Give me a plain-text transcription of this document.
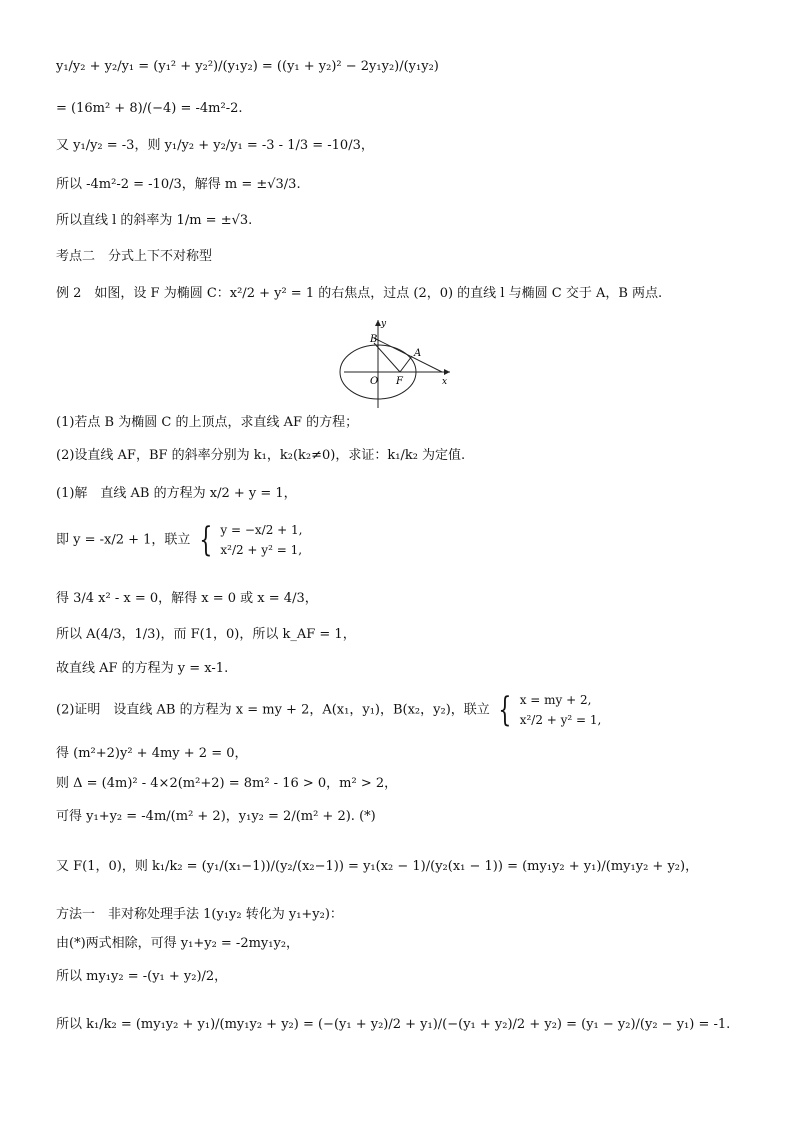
y₁/y₂ + y₂/y₁ = (y₁² + y₂²)/(y₁y₂) = ((y₁ + y₂)² − 2y₁y₂)/(y₁y₂)
= (16m² + 8)/(−4) = -4m²-2.
又 y₁/y₂ = -3，则 y₁/y₂ + y₂/y₁ = -3 - 1/3 = -10/3，
所以 -4m²-2 = -10/3，解得 m = ±√3/3.
所以直线 l 的斜率为 1/m = ±√3.
考点二　分式上下不对称型
例 2　如图，设 F 为椭圆 C：x²/2 + y² = 1 的右焦点，过点 (2，0) 的直线 l 与椭圆 C 交于 A，B 两点.
y
x
B
A
O F
(1)若点 B 为椭圆 C 的上顶点，求直线 AF 的方程；
(2)设直线 AF，BF 的斜率分别为 k₁，k₂(k₂≠0)，求证：k₁/k₂ 为定值.
(1)解　直线 AB 的方程为 x/2 + y = 1，
即 y = -x/2 + 1，联立 { y = −x/2 + 1,
x²/2 + y² = 1,
得 3/4 x² - x = 0，解得 x = 0 或 x = 4/3，
所以 A(4/3，1/3)，而 F(1，0)，所以 k_AF = 1，
故直线 AF 的方程为 y = x-1.
(2)证明　设直线 AB 的方程为 x = my + 2，A(x₁，y₁)，B(x₂，y₂)，联立 { x = my + 2,
x²/2 + y² = 1,
得 (m²+2)y² + 4my + 2 = 0，
则 Δ = (4m)² - 4×2(m²+2) = 8m² - 16 > 0，m² > 2，
可得 y₁+y₂ = -4m/(m² + 2)，y₁y₂ = 2/(m² + 2). (*)
又 F(1，0)，则 k₁/k₂ = (y₁/(x₁−1))/(y₂/(x₂−1)) = y₁(x₂ − 1)/(y₂(x₁ − 1)) = (my₁y₂ + y₁)/(my₁y₂ + y₂)，
方法一　非对称处理手法 1(y₁y₂ 转化为 y₁+y₂)：
由(*)两式相除，可得 y₁+y₂ = -2my₁y₂，
所以 my₁y₂ = -(y₁ + y₂)/2，
所以 k₁/k₂ = (my₁y₂ + y₁)/(my₁y₂ + y₂) = (−(y₁ + y₂)/2 + y₁)/(−(y₁ + y₂)/2 + y₂) = (y₁ − y₂)/(y₂ − y₁) = -1.
